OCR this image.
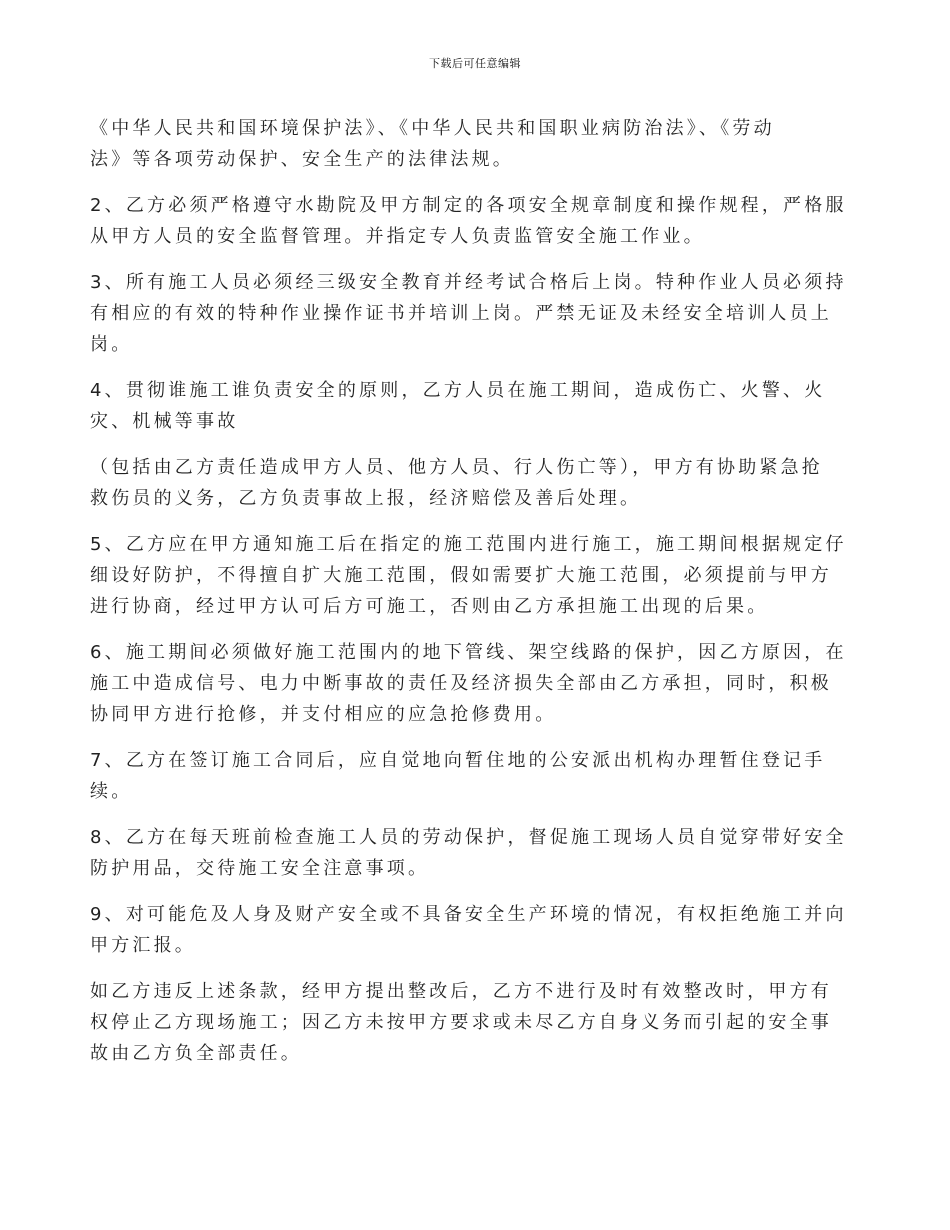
下载后可任意编辑

《中华人民共和国环境保护法》、《中华人民共和国职业病防治法》、《劳动
法》等各项劳动保护、安全生产的法律法规。

2、乙方必须严格遵守水勘院及甲方制定的各项安全规章制度和操作规程，严格服
从甲方人员的安全监督管理。并指定专人负责监管安全施工作业。

3、所有施工人员必须经三级安全教育并经考试合格后上岗。特种作业人员必须持
有相应的有效的特种作业操作证书并培训上岗。严禁无证及未经安全培训人员上
岗。

4、贯彻谁施工谁负责安全的原则，乙方人员在施工期间，造成伤亡、火警、火
灾、机械等事故

（包括由乙方责任造成甲方人员、他方人员、行人伤亡等），甲方有协助紧急抢
救伤员的义务，乙方负责事故上报，经济赔偿及善后处理。

5、乙方应在甲方通知施工后在指定的施工范围内进行施工，施工期间根据规定仔
细设好防护，不得擅自扩大施工范围，假如需要扩大施工范围，必须提前与甲方
进行协商，经过甲方认可后方可施工，否则由乙方承担施工出现的后果。

6、施工期间必须做好施工范围内的地下管线、架空线路的保护，因乙方原因，在
施工中造成信号、电力中断事故的责任及经济损失全部由乙方承担，同时，积极
协同甲方进行抢修，并支付相应的应急抢修费用。

7、乙方在签订施工合同后，应自觉地向暂住地的公安派出机构办理暂住登记手
续。

8、乙方在每天班前检查施工人员的劳动保护，督促施工现场人员自觉穿带好安全
防护用品，交待施工安全注意事项。

9、对可能危及人身及财产安全或不具备安全生产环境的情况，有权拒绝施工并向
甲方汇报。

如乙方违反上述条款，经甲方提出整改后，乙方不进行及时有效整改时，甲方有
权停止乙方现场施工；因乙方未按甲方要求或未尽乙方自身义务而引起的安全事
故由乙方负全部责任。
